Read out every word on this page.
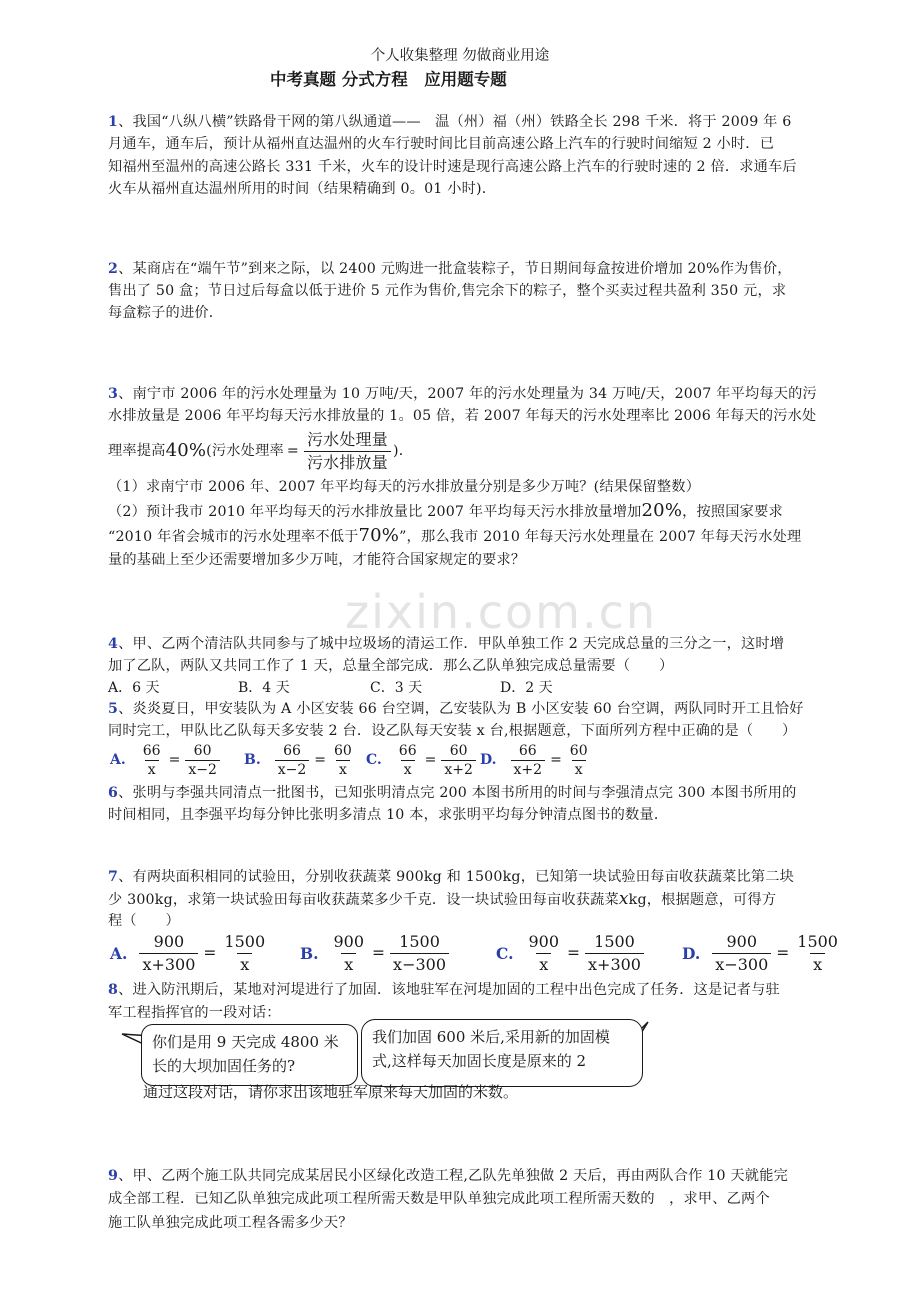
个人收集整理 勿做商业用途
中考真题 分式方程　应用题专题
zixin.com.cn
1、我国“八纵八横”铁路骨干网的第八纵通道——　温（州）福（州）铁路全长 298 千米．将于 2009 年 6
月通车，通车后，预计从福州直达温州的火车行驶时间比目前高速公路上汽车的行驶时间缩短 2 小时．已
知福州至温州的高速公路长 331 千米，火车的设计时速是现行高速公路上汽车的行驶时速的 2 倍．求通车后
火车从福州直达温州所用的时间（结果精确到 0。01 小时)．
2、某商店在“端午节”到来之际，以 2400 元购进一批盒装粽子，节日期间每盒按进价增加 20%作为售价，
售出了 50 盒；节日过后每盒以低于进价 5 元作为售价,售完余下的粽子，整个买卖过程共盈利 350 元，求
每盒粽子的进价．
3、南宁市 2006 年的污水处理量为 10 万吨/天，2007 年的污水处理量为 34 万吨/天，2007 年平均每天的污
水排放量是 2006 年平均每天污水排放量的 1。05 倍，若 2007 年每天的污水处理率比 2006 年每天的污水处
理率提高 40% (污水处理率 = $\frac{\text{污水处理量}}{\text{污水排放量}}$ )．
（1）求南宁市 2006 年、2007 年平均每天的污水排放量分别是多少万吨？(结果保留整数）
（2）预计我市 2010 年平均每天的污水排放量比 2007 年平均每天污水排放量增加20%，按照国家要求
“2010 年省会城市的污水处理率不低于70%”，那么我市 2010 年每天污水处理量在 2007 年每天污水处理
量的基础上至少还需要增加多少万吨，才能符合国家规定的要求？
4、甲、乙两个清洁队共同参与了城中垃圾场的清运工作．甲队单独工作 2 天完成总量的三分之一，这时增
加了乙队，两队又共同工作了 1 天，总量全部完成．那么乙队单独完成总量需要（　　）
A．6 天	B．4 天	C．3 天	D．2 天
5、炎炎夏日，甲安装队为 A 小区安装 66 台空调，乙安装队为 B 小区安装 60 台空调，两队同时开工且恰好
同时完工，甲队比乙队每天多安装 2 台．设乙队每天安装 x 台,根据题意，下面所列方程中正确的是（　　）
A. $\frac{66}{x} = \frac{60}{x-2} B$. $\frac{66}{x-2} = \frac{60}{x} C$. $\frac{66}{x} = \frac{60}{x+2} D$. $\frac{66}{x+2} = \frac{60}{x}$
6、张明与李强共同清点一批图书，已知张明清点完 200 本图书所用的时间与李强清点完 300 本图书所用的
时间相同，且李强平均每分钟比张明多清点 10 本，求张明平均每分钟清点图书的数量．
7、有两块面积相同的试验田，分别收获蔬菜 900kg 和 1500kg，已知第一块试验田每亩收获蔬菜比第二块
少 300kg，求第一块试验田每亩收获蔬菜多少千克．设一块试验田每亩收获蔬菜xkg，根据题意，可得方
程（　　）
A. $\frac{900}{x+300} = \frac{1500}{x} B$. $\frac{900}{x} = \frac{1500}{x-300}$	C. $\frac{900}{x} = \frac{1500}{x+300} D$. $\frac{900}{x-300} = \frac{1500}{x}$
8、进入防汛期后，某地对河堤进行了加固．该地驻军在河堤加固的工程中出色完成了任务．这是记者与驻
军工程指挥官的一段对话：
你们是用 9 天完成 4800 米
长的大坝加固任务的?
我们加固 600 米后,采用新的加固模
式,这样每天加固长度是原来的 2
通过这段对话，请你求出该地驻军原来每天加固的米数。
9、甲、乙两个施工队共同完成某居民小区绿化改造工程,乙队先单独做 2 天后，再由两队合作 10 天就能完
成全部工程．已知乙队单独完成此项工程所需天数是甲队单独完成此项工程所需天数的　，求甲、乙两个
施工队单独完成此项工程各需多少天？
